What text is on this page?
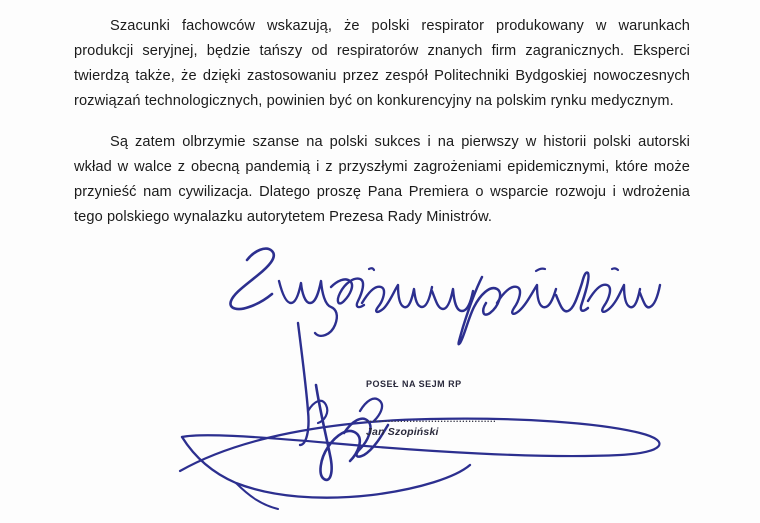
Szacunki fachowców wskazują, że polski respirator produkowany w warunkach produkcji seryjnej, będzie tańszy od respiratorów znanych firm zagranicznych. Eksperci twierdzą także, że dzięki zastosowaniu przez zespół Politechniki Bydgoskiej nowoczesnych rozwiązań technologicznych, powinien być on konkurencyjny na polskim rynku medycznym.

Są zatem olbrzymie szanse na polski sukces i na pierwszy w historii polski autorski wkład w walce z obecną pandemią i z przyszłymi zagrożeniami epidemicznymi, które może przynieść nam cywilizacja. Dlatego proszę Pana Premiera o wsparcie rozwoju i wdrożenia tego polskiego wynalazku autorytetem Prezesa Rady Ministrów.

POSEŁ NA SEJM RP
..........................................
Jan Szopiński
